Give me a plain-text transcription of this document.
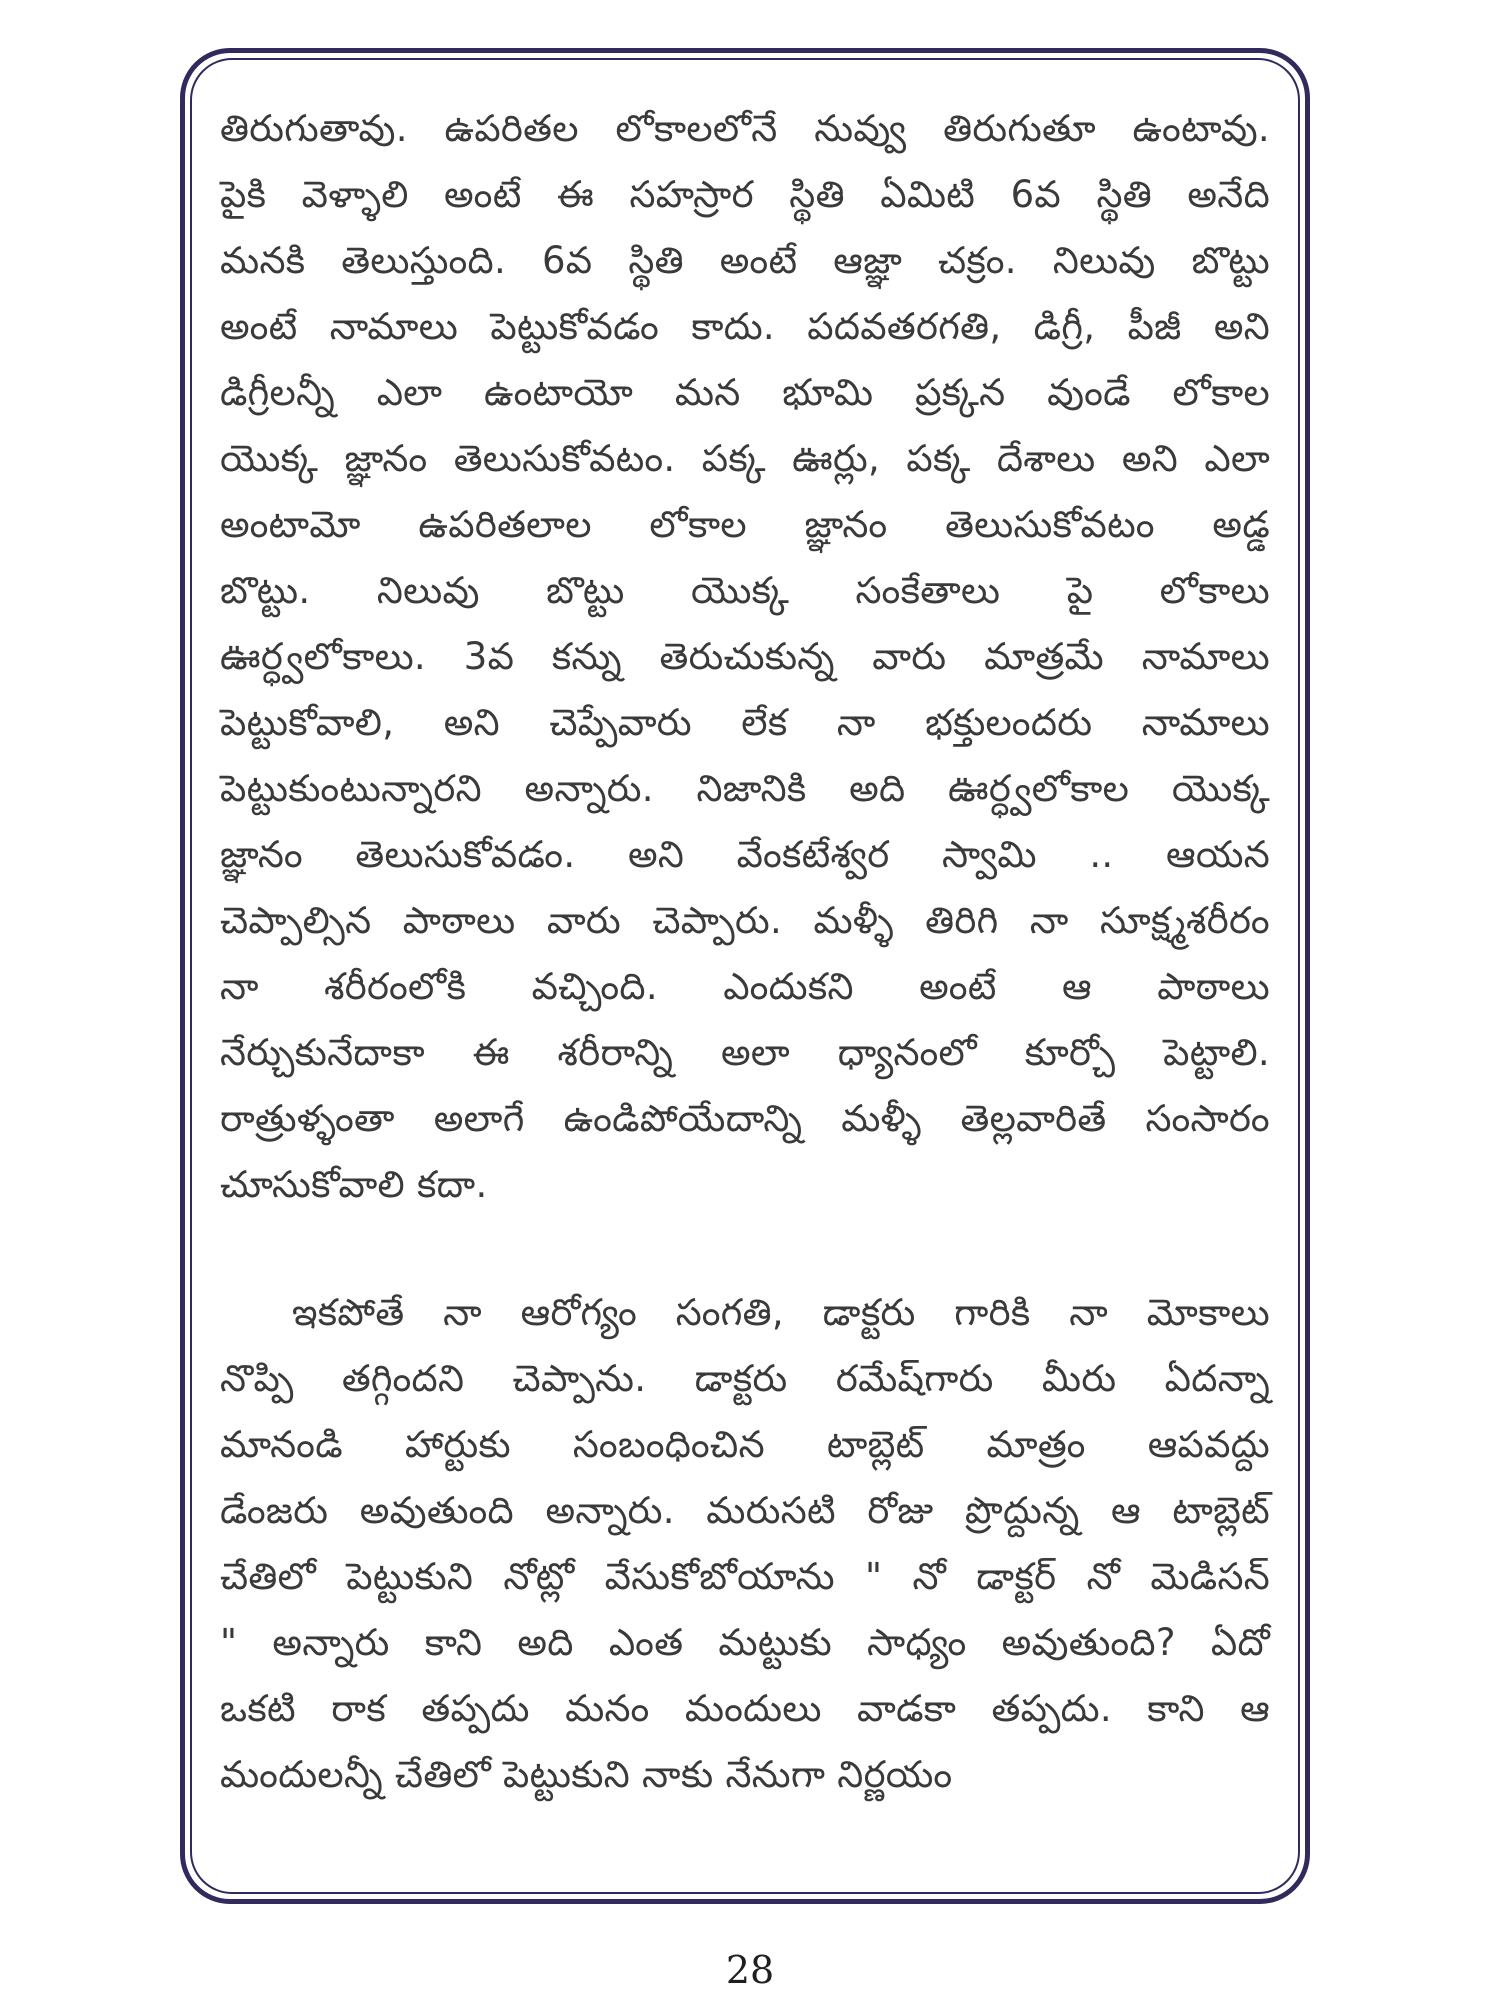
తిరుగుతావు. ఉపరితల లోకాలలోనే నువ్వు తిరుగుతూ ఉంటావు.
పైకి వెళ్ళాలి అంటే ఈ సహస్రార స్థితి ఏమిటి 6వ స్థితి అనేది
మనకి తెలుస్తుంది. 6వ స్థితి అంటే ఆజ్ఞా చక్రం. నిలువు బొట్టు
అంటే నామాలు పెట్టుకోవడం కాదు. పదవతరగతి, డిగ్రీ, పీజీ అని
డిగ్రీలన్నీ ఎలా ఉంటాయో మన భూమి ప్రక్కన వుండే లోకాల
యొక్క జ్ఞానం తెలుసుకోవటం. పక్క ఊర్లు, పక్క దేశాలు అని ఎలా
అంటామో ఉపరితలాల లోకాల జ్ఞానం తెలుసుకోవటం అడ్డ
బొట్టు. నిలువు బొట్టు యొక్క సంకేతాలు పై లోకాలు
ఊర్ధ్వలోకాలు. 3వ కన్ను తెరుచుకున్న వారు మాత్రమే నామాలు
పెట్టుకోవాలి, అని చెప్పేవారు లేక నా భక్తులందరు నామాలు
పెట్టుకుంటున్నారని అన్నారు. నిజానికి అది ఊర్ధ్వలోకాల యొక్క
జ్ఞానం తెలుసుకోవడం. అని వేంకటేశ్వర స్వామి .. ఆయన
చెప్పాల్సిన పాఠాలు వారు చెప్పారు. మళ్ళీ తిరిగి నా సూక్ష్మశరీరం
నా శరీరంలోకి వచ్చింది. ఎందుకని అంటే ఆ పాఠాలు
నేర్చుకునేదాకా ఈ శరీరాన్ని అలా ధ్యానంలో కూర్చో పెట్టాలి.
రాత్రుళ్ళంతా అలాగే ఉండిపోయేదాన్ని మళ్ళీ తెల్లవారితే సంసారం
చూసుకోవాలి కదా.
ఇకపోతే నా ఆరోగ్యం సంగతి, డాక్టరు గారికి నా మోకాలు
నొప్పి తగ్గిందని చెప్పాను. డాక్టరు రమేష్‌గారు మీరు ఏదన్నా
మానండి హార్టుకు సంబంధించిన టాబ్లెట్ మాత్రం ఆపవద్దు
డేంజరు అవుతుంది అన్నారు. మరుసటి రోజు ప్రొద్దున్న ఆ టాబ్లెట్
చేతిలో పెట్టుకుని నోట్లో వేసుకోబోయాను " నో డాక్టర్ నో మెడిసన్
" అన్నారు కాని అది ఎంత మట్టుకు సాధ్యం అవుతుంది? ఏదో
ఒకటి రాక తప్పదు మనం మందులు వాడకా తప్పదు. కాని ఆ
మందులన్నీ చేతిలో పెట్టుకుని నాకు నేనుగా నిర్ణయం
28
